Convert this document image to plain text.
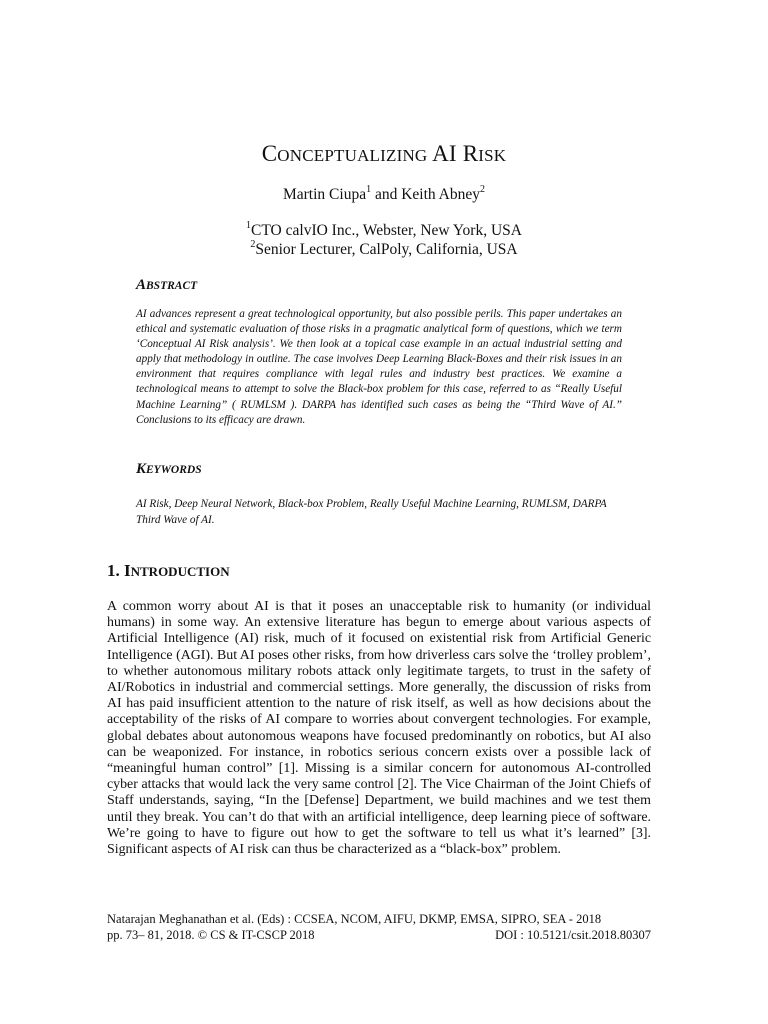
CONCEPTUALIZING AI RISK
Martin Ciupa$^1$ and Keith Abney$^2$
$^1$CTO calvIO Inc., Webster, New York, USA
$^2$Senior Lecturer, CalPoly, California, USA
ABSTRACT
AI advances represent a great technological opportunity, but also possible perils. This paper undertakes an ethical and systematic evaluation of those risks in a pragmatic analytical form of questions, which we term ‘Conceptual AI Risk analysis’. We then look at a topical case example in an actual industrial setting and apply that methodology in outline. The case involves Deep Learning Black-Boxes and their risk issues in an environment that requires compliance with legal rules and industry best practices. We examine a technological means to attempt to solve the Black-box problem for this case, referred to as “Really Useful Machine Learning” ( RUMLSM ). DARPA has identified such cases as being the “Third Wave of AI.” Conclusions to its efficacy are drawn.
KEYWORDS
AI Risk, Deep Neural Network, Black-box Problem, Really Useful Machine Learning, RUMLSM, DARPA Third Wave of AI.
1. INTRODUCTION
A common worry about AI is that it poses an unacceptable risk to humanity (or individual humans) in some way. An extensive literature has begun to emerge about various aspects of Artificial Intelligence (AI) risk, much of it focused on existential risk from Artificial Generic Intelligence (AGI). But AI poses other risks, from how driverless cars solve the ‘trolley problem’, to whether autonomous military robots attack only legitimate targets, to trust in the safety of AI/Robotics in industrial and commercial settings. More generally, the discussion of risks from AI has paid insufficient attention to the nature of risk itself, as well as how decisions about the acceptability of the risks of AI compare to worries about convergent technologies. For example, global debates about autonomous weapons have focused predominantly on robotics, but AI also can be weaponized. For instance, in robotics serious concern exists over a possible lack of “meaningful human control” [1]. Missing is a similar concern for autonomous AI-controlled cyber attacks that would lack the very same control [2]. The Vice Chairman of the Joint Chiefs of Staff understands, saying, “In the [Defense] Department, we build machines and we test them until they break. You can’t do that with an artificial intelligence, deep learning piece of software. We’re going to have to figure out how to get the software to tell us what it’s learned” [3]. Significant aspects of AI risk can thus be characterized as a “black-box” problem.
Natarajan Meghanathan et al. (Eds) : CCSEA, NCOM, AIFU, DKMP, EMSA, SIPRO, SEA - 2018
pp. 73– 81, 2018. © CS & IT-CSCP 2018	DOI : 10.5121/csit.2018.80307
